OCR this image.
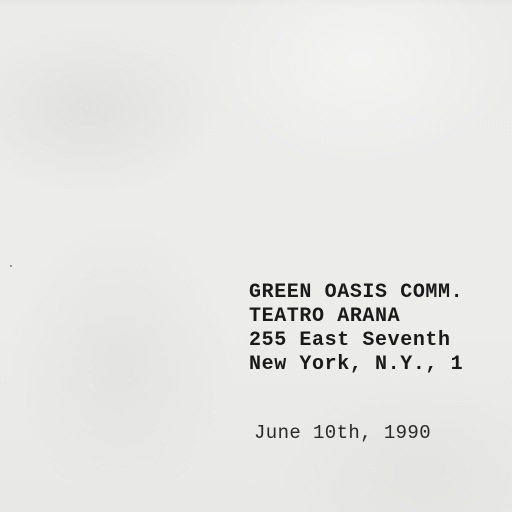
GREEN OASIS COMM.
TEATRO ARANA
255 East Seventh
New York, N.Y., 1
June 10th, 1990
